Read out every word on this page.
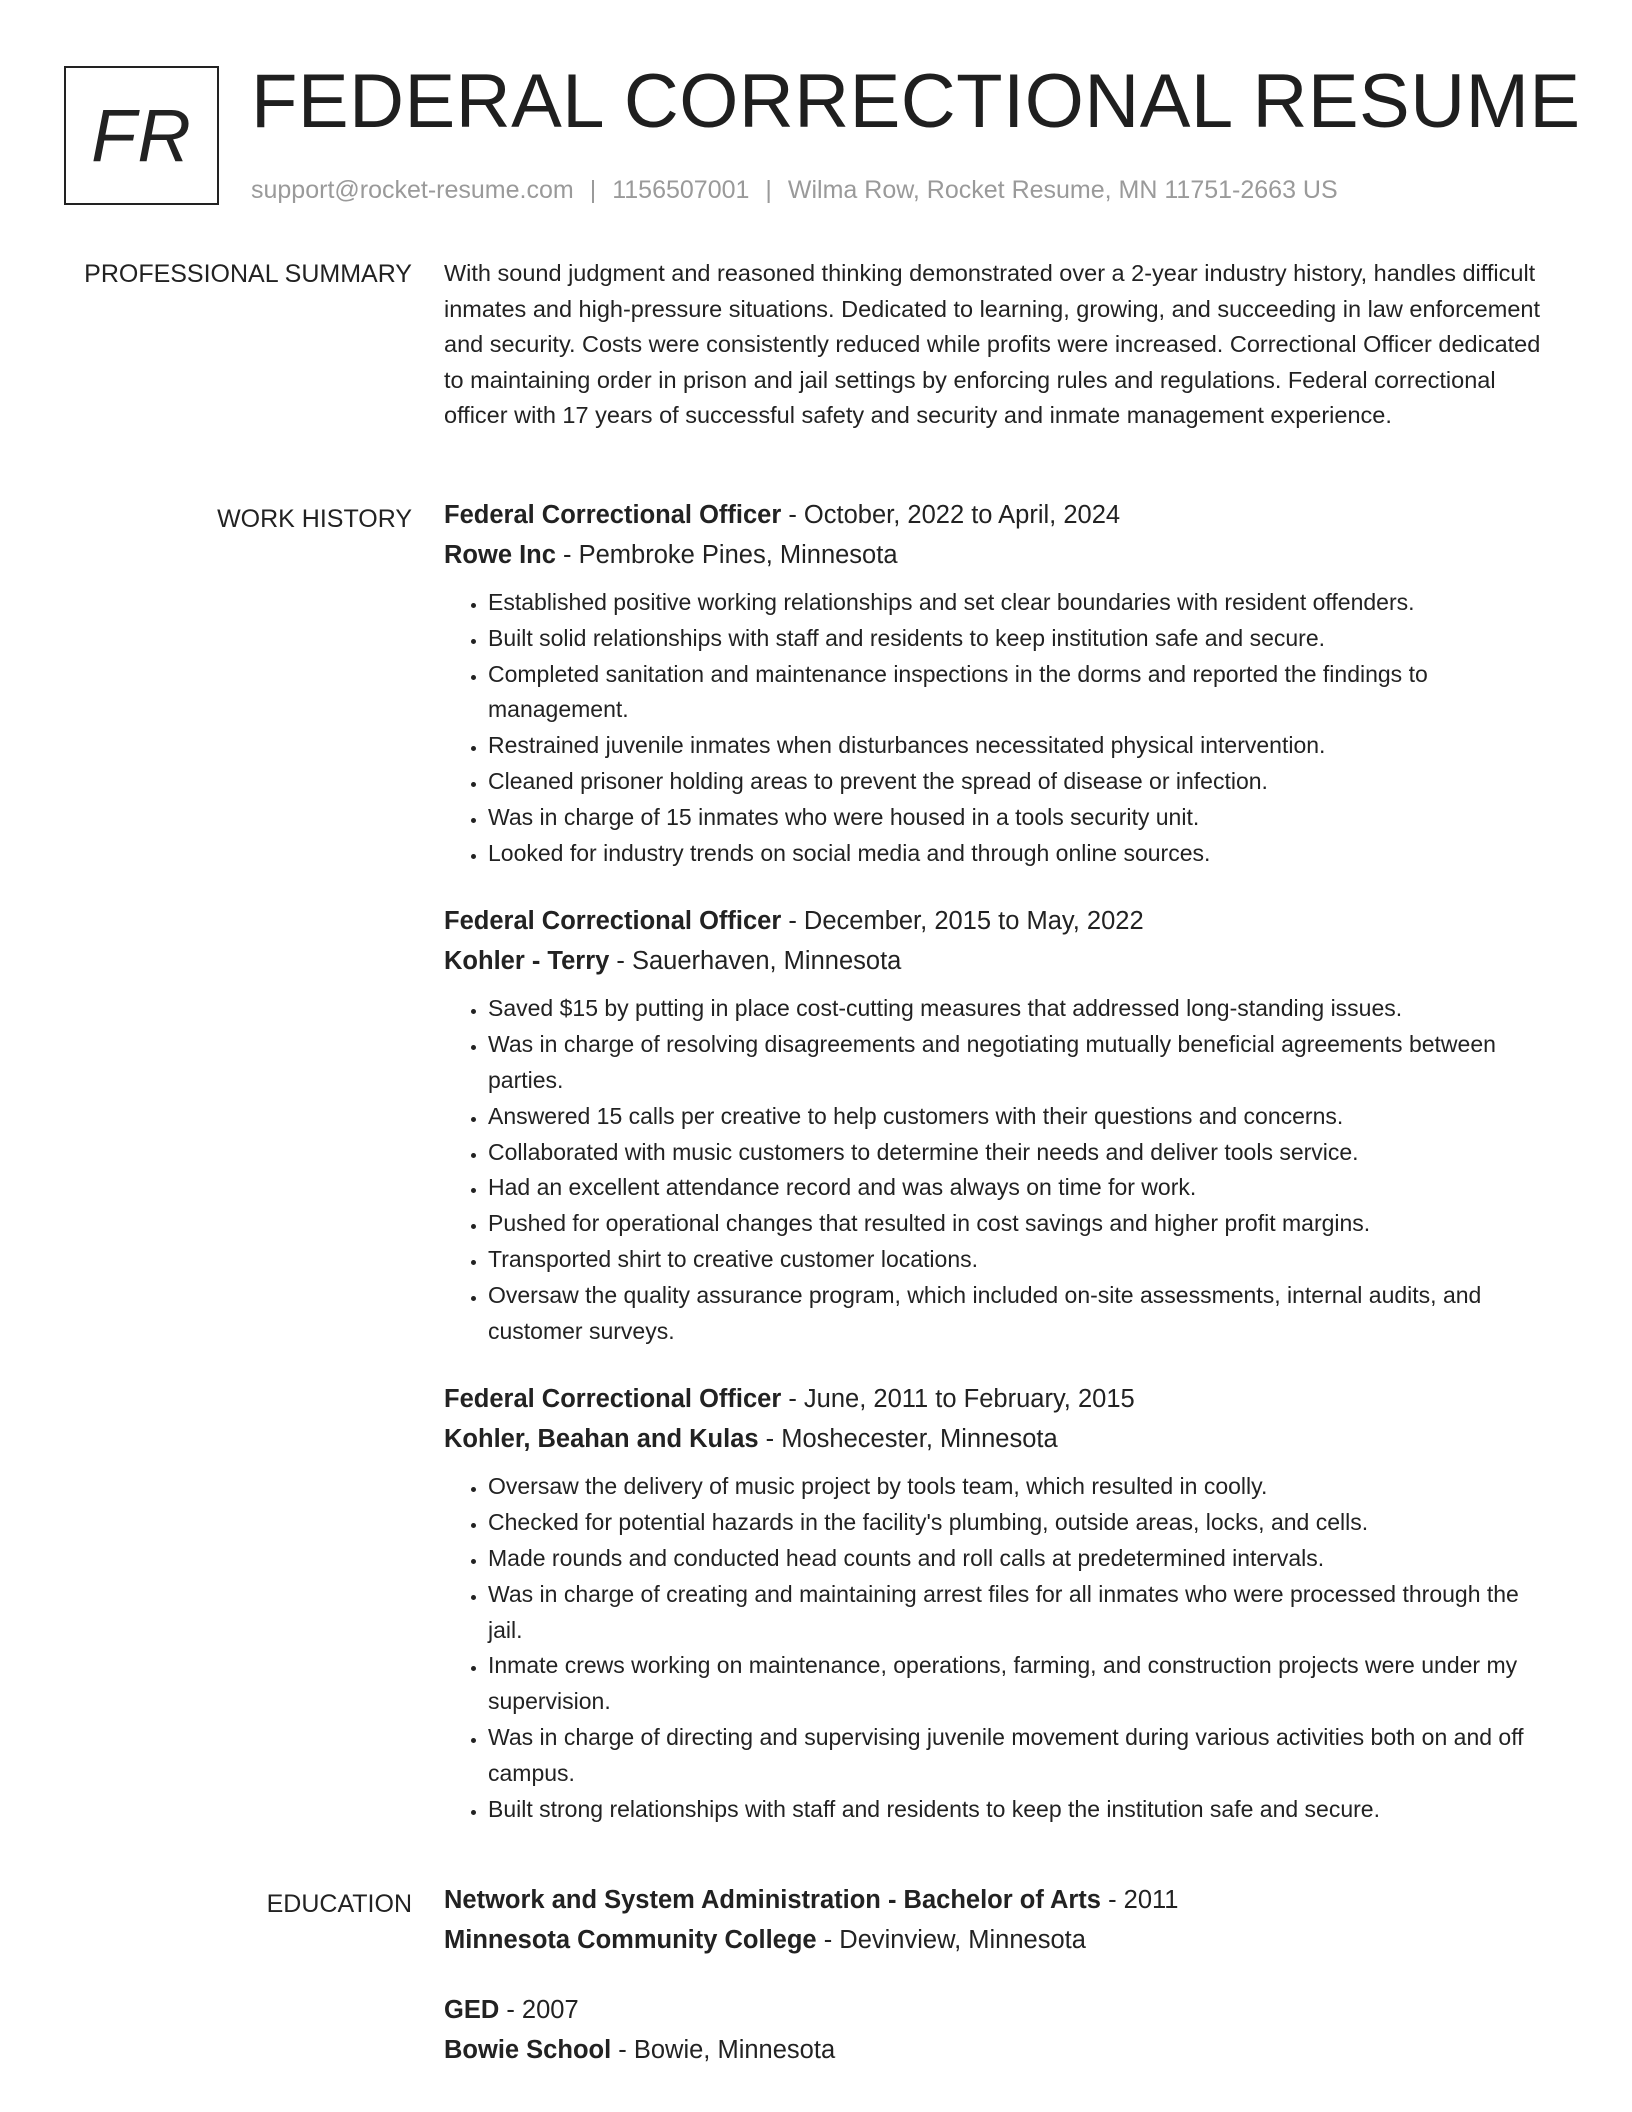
FR FEDERAL CORRECTIONAL RESUME
support@rocket-resume.com | 1156507001 | Wilma Row, Rocket Resume, MN 11751-2663 US
PROFESSIONAL SUMMARY With sound judgment and reasoned thinking demonstrated over a 2-year industry history, handles difficult inmates and high-pressure situations. Dedicated to learning, growing, and succeeding in law enforcement and security. Costs were consistently reduced while profits were increased. Correctional Officer dedicated to maintaining order in prison and jail settings by enforcing rules and regulations. Federal correctional officer with 17 years of successful safety and security and inmate management experience.

WORK HISTORY Federal Correctional Officer - October, 2022 to April, 2024

Rowe Inc - Pembroke Pines, Minnesota

• Established positive working relationships and set clear boundaries with resident offenders.
• Built solid relationships with staff and residents to keep institution safe and secure.
• Completed sanitation and maintenance inspections in the dorms and reported the findings to management.
• Restrained juvenile inmates when disturbances necessitated physical intervention.
• Cleaned prisoner holding areas to prevent the spread of disease or infection.
• Was in charge of 15 inmates who were housed in a tools security unit.
• Looked for industry trends on social media and through online sources.

Federal Correctional Officer - December, 2015 to May, 2022

Kohler - Terry - Sauerhaven, Minnesota

• Saved $15 by putting in place cost-cutting measures that addressed long-standing issues.
• Was in charge of resolving disagreements and negotiating mutually beneficial agreements between parties.
• Answered 15 calls per creative to help customers with their questions and concerns.
• Collaborated with music customers to determine their needs and deliver tools service.
• Had an excellent attendance record and was always on time for work.
• Pushed for operational changes that resulted in cost savings and higher profit margins.
• Transported shirt to creative customer locations.
• Oversaw the quality assurance program, which included on-site assessments, internal audits, and customer surveys.

Federal Correctional Officer - June, 2011 to February, 2015

Kohler, Beahan and Kulas - Moshecester, Minnesota

• Oversaw the delivery of music project by tools team, which resulted in coolly.
• Checked for potential hazards in the facility's plumbing, outside areas, locks, and cells.
• Made rounds and conducted head counts and roll calls at predetermined intervals.
• Was in charge of creating and maintaining arrest files for all inmates who were processed through the jail.
• Inmate crews working on maintenance, operations, farming, and construction projects were under my supervision.
• Was in charge of directing and supervising juvenile movement during various activities both on and off campus.
• Built strong relationships with staff and residents to keep the institution safe and secure.
EDUCATION Network and System Administration - Bachelor of Arts - 2011

Minnesota Community College - Devinview, Minnesota

GED - 2007

Bowie School - Bowie, Minnesota
